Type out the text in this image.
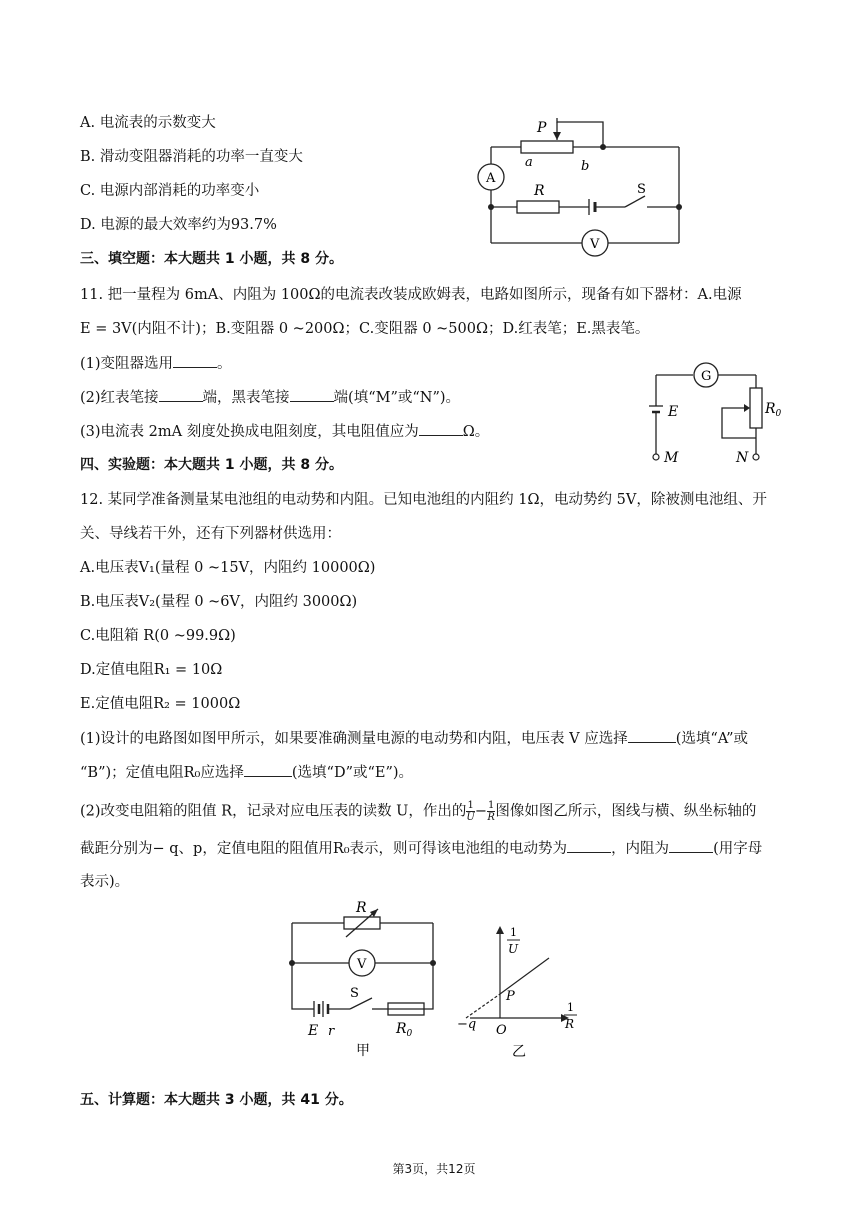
A. 电流表的示数变大
B. 滑动变阻器消耗的功率一直变大
C. 电源内部消耗的功率变小
D. 电源的最大效率约为93.7%
P
a	b
A
R	S
V
三、填空题：本大题共 1 小题，共 8 分。
11. 把一量程为 6mA、内阻为 100Ω的电流表改装成欧姆表，电路如图所示，现备有如下器材：A.电源
E = 3V(内阻不计)；B.变阻器 0 ~200Ω；C.变阻器 0 ~500Ω；D.红表笔；E.黑表笔。
(1)变阻器选用	。
(2)红表笔接	端，黑表笔接	端(填“M”或“N”)。
(3)电流表 2mA 刻度处换成电阻刻度，其电阻值应为	Ω。
G
E	$R_0$
M	N
四、实验题：本大题共 1 小题，共 8 分。
12. 某同学准备测量某电池组的电动势和内阻。已知电池组的内阻约 1Ω，电动势约 5V，除被测电池组、开
关、导线若干外，还有下列器材供选用：
A.电压表V₁(量程 0 ~15V，内阻约 10000Ω)
B.电压表V₂(量程 0 ~6V，内阻约 3000Ω)
C.电阻箱 R(0 ~99.9Ω)
D.定值电阻R₁ = 10Ω
E.定值电阻R₂ = 1000Ω
(1)设计的电路图如图甲所示，如果要准确测量电源的电动势和内阻，电压表 V 应选择	(选填“A”或
“B”)；定值电阻R₀应选择	(选填“D”或“E”)。
(2)改变电阻箱的阻值 R，记录对应电压表的读数 U，作出的 $\frac{1}{U} - \frac{1}{R}$ 图像如图乙所示，图线与横、纵坐标轴的
截距分别为− q、p，定值电阻的阻值用R₀表示，则可得该电池组的电动势为	，内阻为	(用字母
表示)。
R
V
S
E r	$R_0$
甲
1
U
1
R
P
O
−q
乙
五、计算题：本大题共 3 小题，共 41 分。
第3页，共12页
